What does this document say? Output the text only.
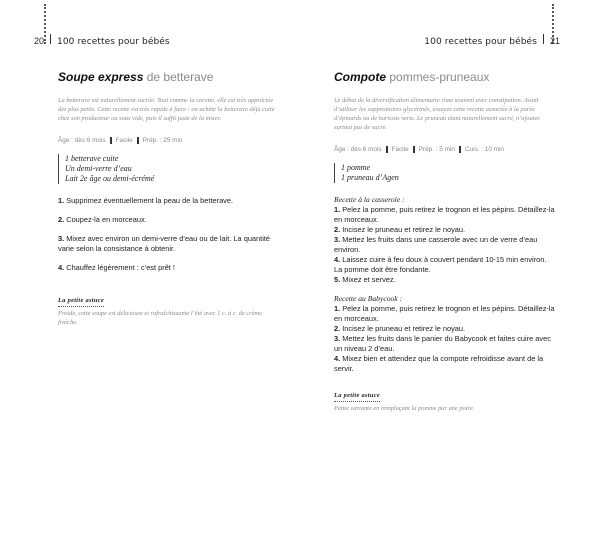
20 100 recettes pour bébés
Soupe express de betterave

La betterave est naturellement sucrée. Tout comme la carotte, elle est très appréciée des plus petits. Cette recette est très rapide à faire : on achète la betterave déjà cuite chez son producteur ou sous vide, puis il suffit juste de la mixer.

Âge : dès 6 mois Facile Prép. : 25 min
1 betterave cuite
Un demi-verre d’eau
Lait 2e âge ou demi-écrémé

1. Supprimez éventuellement la peau de la betterave.

2. Coupez-la en morceaux.

3. Mixez avec environ un demi-verre d’eau ou de lait. La quantité varie selon la consistance à obtenir.

4. Chauffez légèrement : c’est prêt !

La petite astuce

Froide, cette soupe est délicieuse et rafraîchissante l’été avec 1 c. à c. de crème fraîche.

100 recettes pour bébés 21
Compote pommes-pruneaux

Le début de la diversification alimentaire rime souvent avec constipation. Avant d’utiliser les suppositoires glycérinés, essayez cette recette associée à la purée d’épinards ou de haricots verts. Le pruneau étant naturellement sucré, n’ajoutez surtout pas de sucre.

Âge : dès 6 mois Facile Prép. : 5 min Cuis. : 10 min
1 pomme
1 pruneau d’Agen
Recette à la casserole :

1. Pelez la pomme, puis retirez le trognon et les pépins. Détaillez-la en morceaux.

2. Incisez le pruneau et retirez le noyau.

3. Mettez les fruits dans une casserole avec un de verre d’eau environ.

4. Laissez cuire à feu doux à couvert pendant 10-15 min environ. La pomme doit être fondante.

5. Mixez et servez.

Recette au Babycook :

1. Pelez la pomme, puis retirez le trognon et les pépins. Détaillez-la en morceaux.

2. Incisez le pruneau et retirez le noyau.

3. Mettez les fruits dans le panier du Babycook et faites cuire avec un niveau 2 d’eau.

4. Mixez bien et attendez que la compote refroidisse avant de la servir.

La petite astuce

Petite variante en remplaçant la pomme par une poire.
